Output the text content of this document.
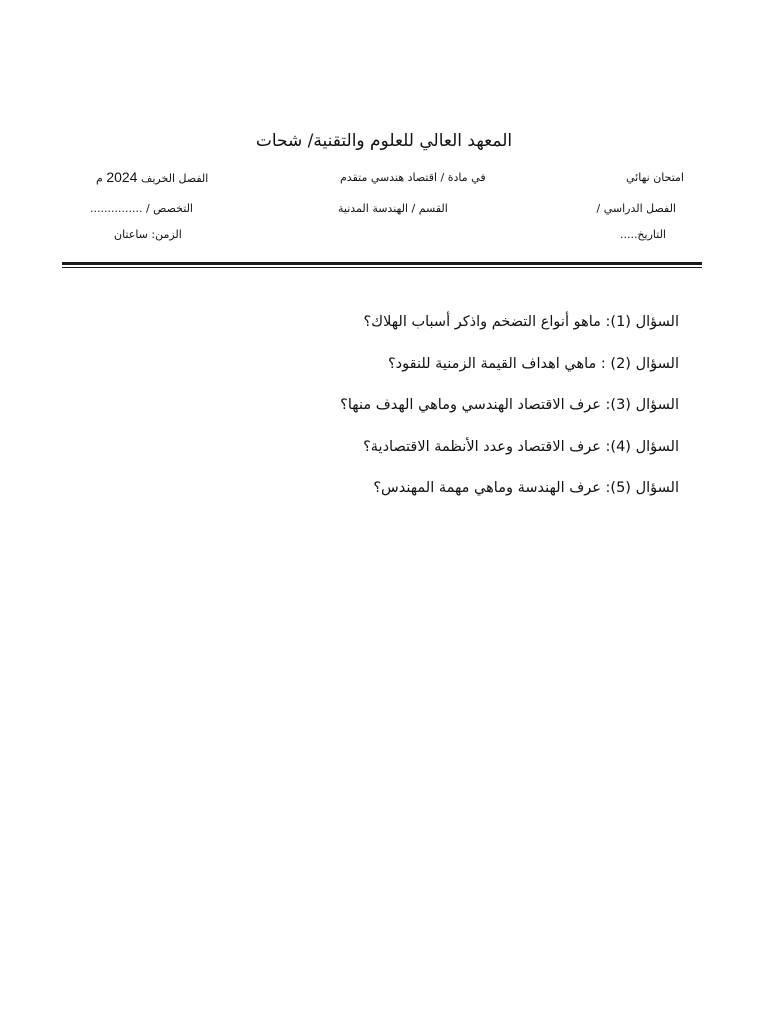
المعهد العالي للعلوم والتقنية/ شحات
امتحان نهائي
في مادة / اقتصاد هندسي متقدم
الفصل الخريف 2024 م
الفصل الدراسي /
القسم / الهندسة المدنية
التخصص / ...............
التاريخ.....
الزمن: ساعتان
السؤال (1): ماهو أنواع التضخم واذكر أسباب الهلاك؟
السؤال (2) : ماهي اهداف القيمة الزمنية للنقود؟
السؤال (3): عرف الاقتصاد الهندسي وماهي الهدف منها؟
السؤال (4): عرف الاقتصاد وعدد الأنظمة الاقتصادية؟
السؤال (5): عرف الهندسة وماهي مهمة المهندس؟
